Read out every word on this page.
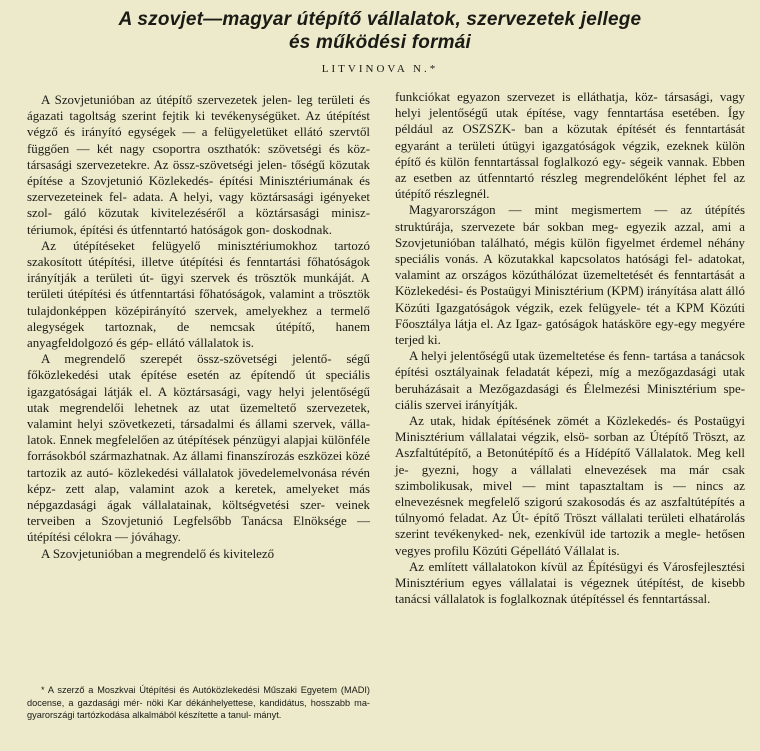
A szovjet—magyar útépítő vállalatok, szervezetek jellege
és működési formái
LITVINOVA N.*

A Szovjetunióban az útépítő szervezetek jelen- leg területi és ágazati tagoltság szerint fejtik ki tevékenységüket. Az útépítést végző és irányító egységek — a felügyeletüket ellátó szervtől függően — két nagy csoportra oszthatók: szövetségi és köz- társasági szervezetekre. Az össz-szövetségi jelen- tőségű közutak építése a Szovjetunió Közlekedés- építési Minisztériumának és szervezeteinek fel- adata. A helyi, vagy köztársasági igényeket szol- gáló közutak kivitelezéséről a köztársasági minisz- tériumok, építési és útfenntartó hatóságok gon- doskodnak.

Az útépítéseket felügyelő minisztériumokhoz tartozó szakosított útépítési, illetve útépítési és fenntartási főhatóságok irányítják a területi út- ügyi szervek és trösztök munkáját. A területi útépítési és útfenntartási főhatóságok, valamint a trösztök tulajdonképpen középirányító szervek, amelyekhez a termelő alegységek tartoznak, de nemcsak útépítő, hanem anyagfeldolgozó és gép- ellátó vállalatok is.

A megrendelő szerepét össz-szövetségi jelentő- ségű főközlekedési utak építése esetén az építendő út speciális igazgatóságai látják el. A köztársasági, vagy helyi jelentőségű utak megrendelői lehetnek az utat üzemeltető szervezetek, valamint helyi szövetkezeti, társadalmi és állami szervek, válla- latok. Ennek megfelelően az útépítések pénzügyi alapjai különféle forrásokból származhatnak. Az állami finanszírozás eszközei közé tartozik az autó- közlekedési vállalatok jövedelemelvonása révén képz- zett alap, valamint azok a keretek, amelyeket más népgazdasági ágak vállalatainak, költségvetési szer- veinek terveiben a Szovjetunió Legfelsőbb Tanácsa Elnöksége — útépítési célokra — jóváhagy.

A Szovjetunióban a megrendelő és kivitelező

* A szerző a Moszkvai Útépítési és Autóközlekedési Műszaki Egyetem (MADI) docense, a gazdasági mér- nöki Kar dékánhelyettese, kandidátus, hosszabb ma- gyarországi tartózkodása alkalmából készítette a tanul- mányt.

funkciókat egyazon szervezet is elláthatja, köz- társasági, vagy helyi jelentőségű utak építése, vagy fenntartása esetében. Így például az OSZSZK- ban a közutak építését és fenntartását egyaránt a területi útügyi igazgatóságok végzik, ezeknek külön építő és külön fenntartással foglalkozó egy- ségeik vannak. Ebben az esetben az útfenntartó részleg megrendelőként léphet fel az útépítő részlegnél.

Magyarországon — mint megismertem — az útépítés struktúrája, szervezete bár sokban meg- egyezik azzal, ami a Szovjetunióban található, mégis külön figyelmet érdemel néhány speciális vonás. A közutakkal kapcsolatos hatósági fel- adatokat, valamint az országos közúthálózat üzemeltetését és fenntartását a Közlekedési- és Postaügyi Minisztérium (KPM) irányítása alatt álló Közúti Igazgatóságok végzik, ezek felügyele- tét a KPM Közúti Főosztálya látja el. Az Igaz- gatóságok hatásköre egy-egy megyére terjed ki.

A helyi jelentőségű utak üzemeltetése és fenn- tartása a tanácsok építési osztályainak feladatát képezi, míg a mezőgazdasági utak beruházásait a Mezőgazdasági és Élelmezési Minisztérium spe- ciális szervei irányítják.

Az utak, hidak építésének zömét a Közlekedés- és Postaügyi Minisztérium vállalatai végzik, elsö- sorban az Útépítő Tröszt, az Aszfaltútépítő, a Betonútépítő és a Hídépítő Vállalatok. Meg kell je- gyezni, hogy a vállalati elnevezések ma már csak szimbolikusak, mivel — mint tapasztaltam is — nincs az elnevezésnek megfelelő szigorú szakosodás és az aszfaltútépítés a túlnyomó feladat. Az Út- építő Tröszt vállalati területi elhatárolás szerint tevékenyked- nek, ezenkívül ide tartozik a megle- hetősen vegyes profilu Közúti Gépellátó Vállalat is.

Az említett vállalatokon kívül az Építésügyi és Városfejlesztési Minisztérium egyes vállalatai is végeznek útépítést, de kisebb tanácsi vállalatok is foglalkoznak útépítéssel és fenntartással.
